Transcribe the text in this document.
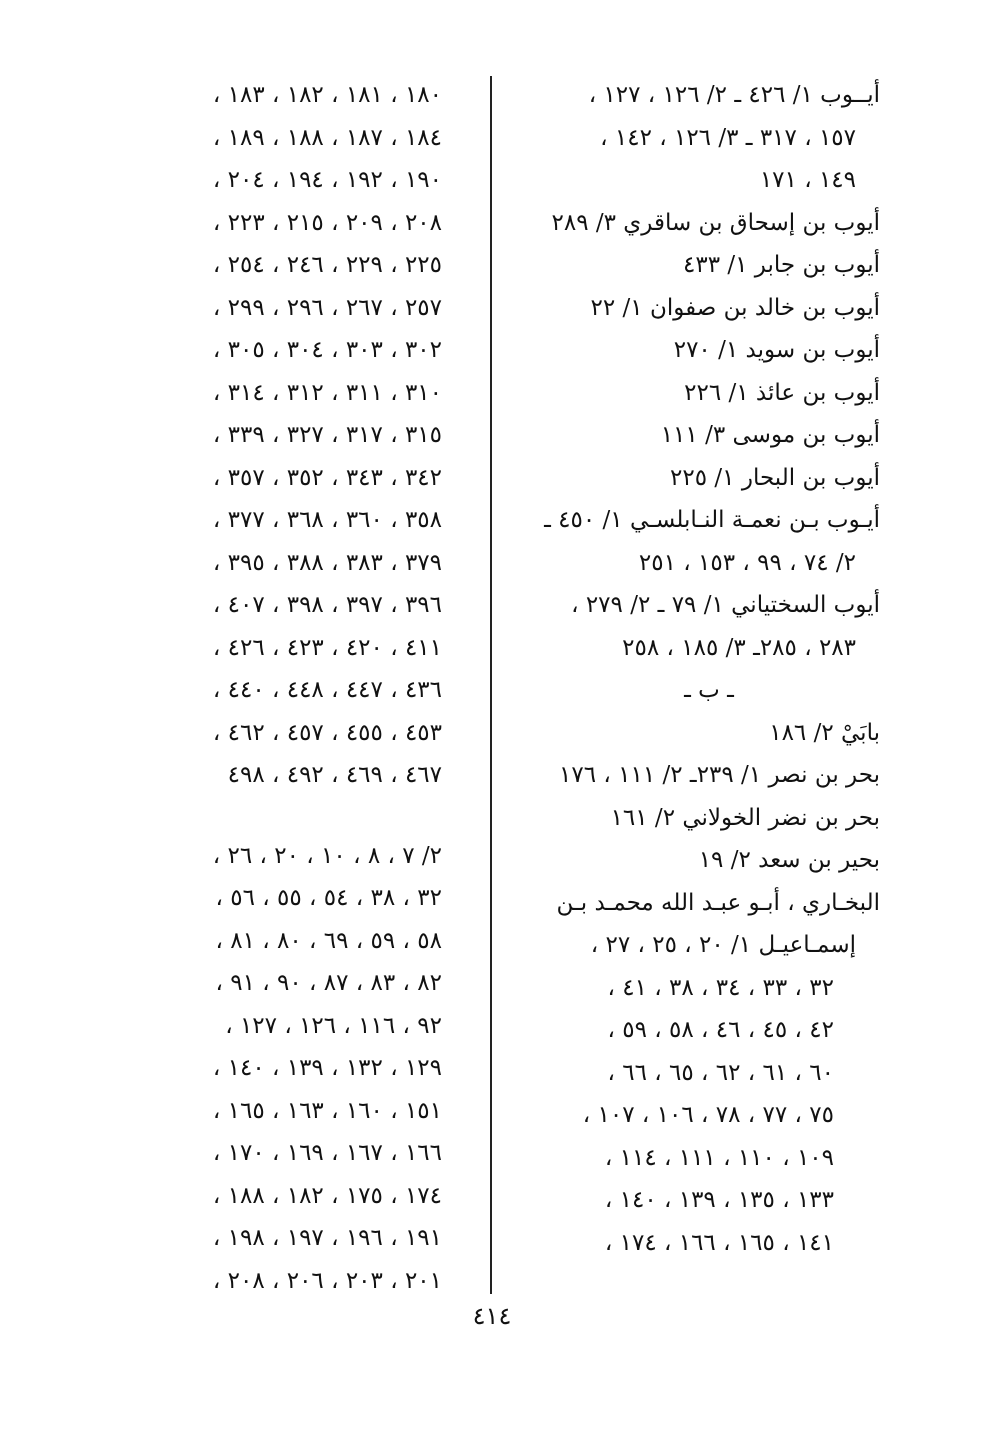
أيــوب ١/ ٤٢٦ ـ ٢/ ١٢٦ ، ١٢٧ ،
١٥٧ ، ٣١٧ ـ ٣/ ١٢٦ ، ١٤٢ ،
١٤٩ ، ١٧١
أيوب بن إسحاق بن ساقري ٣/ ٢٨٩
أيوب بن جابر ١/ ٤٣٣
أيوب بن خالد بن صفوان ١/ ٢٢
أيوب بن سويد ١/ ٢٧٠
أيوب بن عائذ ١/ ٢٢٦
أيوب بن موسى ٣/ ١١١
أيوب بن البحار ١/ ٢٢٥
أيـوب بـن نعمـة النـابلسـي ١/ ٤٥٠ ـ
٢/ ٧٤ ، ٩٩ ، ١٥٣ ، ٢٥١
أيوب السختياني ١/ ٧٩ ـ ٢/ ٢٧٩ ،
٢٨٣ ، ٢٨٥ـ ٣/ ١٨٥ ، ٢٥٨
ـ ب ـ
بابَيْ ٢/ ١٨٦
بحر بن نصر ١/ ٢٣٩ـ ٢/ ١١١ ، ١٧٦
بحر بن نضر الخولاني ٢/ ١٦١
بحير بن سعد ٢/ ١٩
البخـاري ، أبـو عبـد الله محمـد بـن
إسمـاعيـل ١/ ٢٠ ، ٢٥ ، ٢٧ ،
٣٢ ، ٣٣ ، ٣٤ ، ٣٨ ، ٤١ ،
٤٢ ، ٤٥ ، ٤٦ ، ٥٨ ، ٥٩ ،
٦٠ ، ٦١ ، ٦٢ ، ٦٥ ، ٦٦ ،
٧٥ ، ٧٧ ، ٧٨ ، ١٠٦ ، ١٠٧ ،
١٠٩ ، ١١٠ ، ١١١ ، ١١٤ ،
١٣٣ ، ١٣٥ ، ١٣٩ ، ١٤٠ ،
١٤١ ، ١٦٥ ، ١٦٦ ، ١٧٤ ،
١٨٠ ، ١٨١ ، ١٨٢ ، ١٨٣ ،
١٨٤ ، ١٨٧ ، ١٨٨ ، ١٨٩ ،
١٩٠ ، ١٩٢ ، ١٩٤ ، ٢٠٤ ،
٢٠٨ ، ٢٠٩ ، ٢١٥ ، ٢٢٣ ،
٢٢٥ ، ٢٢٩ ، ٢٤٦ ، ٢٥٤ ،
٢٥٧ ، ٢٦٧ ، ٢٩٦ ، ٢٩٩ ،
٣٠٢ ، ٣٠٣ ، ٣٠٤ ، ٣٠٥ ،
٣١٠ ، ٣١١ ، ٣١٢ ، ٣١٤ ،
٣١٥ ، ٣١٧ ، ٣٢٧ ، ٣٣٩ ،
٣٤٢ ، ٣٤٣ ، ٣٥٢ ، ٣٥٧ ،
٣٥٨ ، ٣٦٠ ، ٣٦٨ ، ٣٧٧ ،
٣٧٩ ، ٣٨٣ ، ٣٨٨ ، ٣٩٥ ،
٣٩٦ ، ٣٩٧ ، ٣٩٨ ، ٤٠٧ ،
٤١١ ، ٤٢٠ ، ٤٢٣ ، ٤٢٦ ،
٤٣٦ ، ٤٤٧ ، ٤٤٨ ، ٤٤٠ ،
٤٥٣ ، ٤٥٥ ، ٤٥٧ ، ٤٦٢ ،
٤٦٧ ، ٤٦٩ ، ٤٩٢ ، ٤٩٨
٢/ ٧ ، ٨ ، ١٠ ، ٢٠ ، ٢٦ ،
٣٢ ، ٣٨ ، ٥٤ ، ٥٥ ، ٥٦ ،
٥٨ ، ٥٩ ، ٦٩ ، ٨٠ ، ٨١ ،
٨٢ ، ٨٣ ، ٨٧ ، ٩٠ ، ٩١ ،
٩٢ ، ١١٦ ، ١٢٦ ، ١٢٧ ،
١٢٩ ، ١٣٢ ، ١٣٩ ، ١٤٠ ،
١٥١ ، ١٦٠ ، ١٦٣ ، ١٦٥ ،
١٦٦ ، ١٦٧ ، ١٦٩ ، ١٧٠ ،
١٧٤ ، ١٧٥ ، ١٨٢ ، ١٨٨ ،
١٩١ ، ١٩٦ ، ١٩٧ ، ١٩٨ ،
٢٠١ ، ٢٠٣ ، ٢٠٦ ، ٢٠٨ ،
٤١٤
